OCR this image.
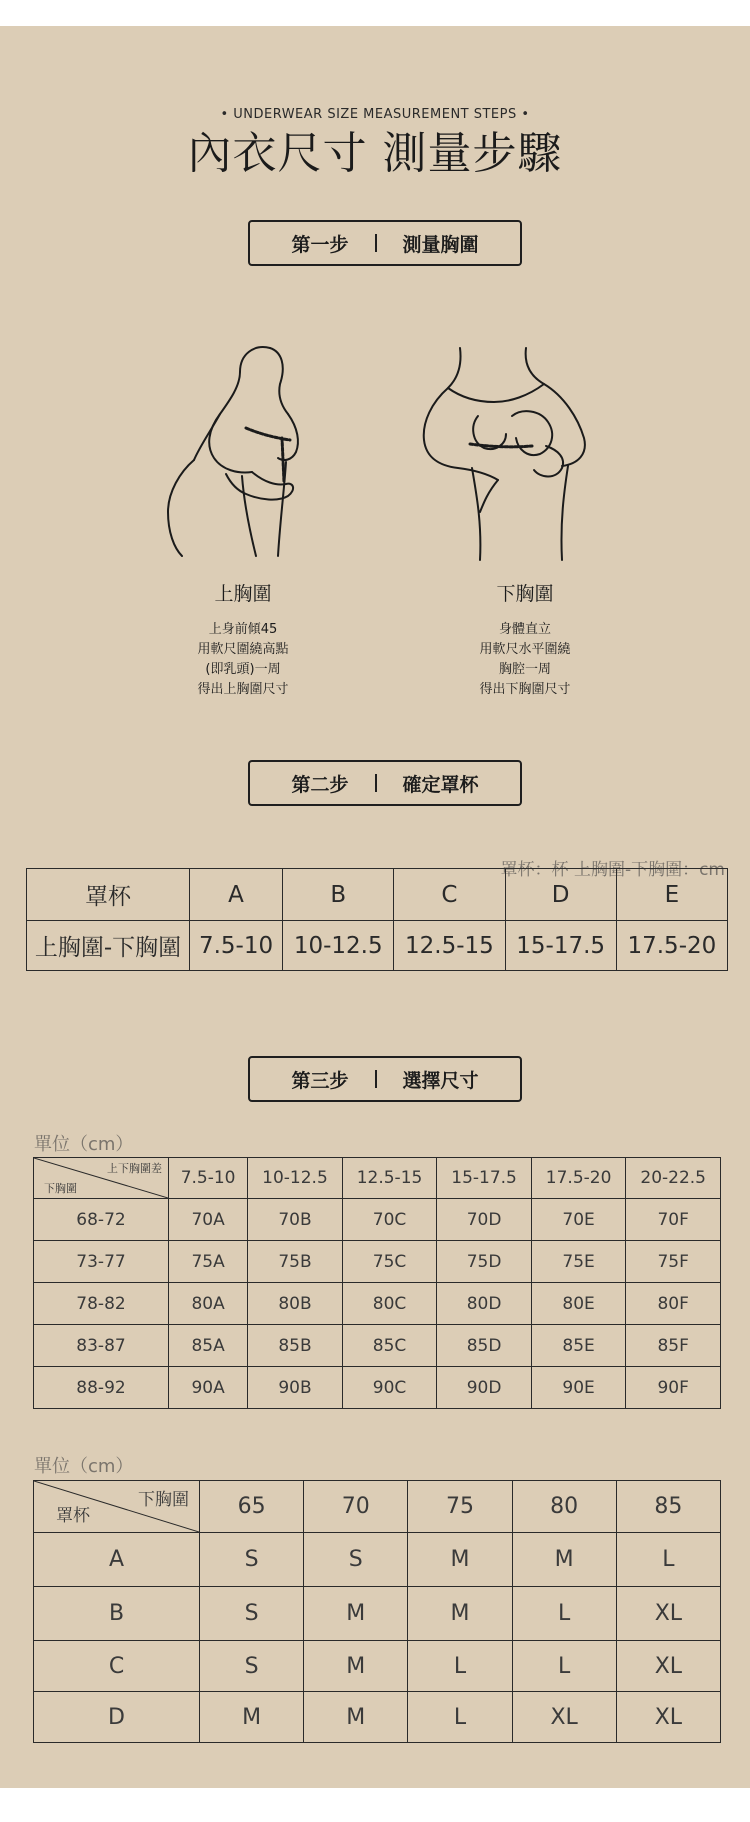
• UNDERWEAR SIZE MEASUREMENT STEPS •
內衣尺寸 測量步驟
第一步	測量胸圍
上胸圍
上身前傾45
用軟尺圍繞高點
(即乳頭)一周
得出上胸圍尺寸
下胸圍
身體直立
用軟尺水平圍繞
胸腔一周
得出下胸圍尺寸
第二步	確定罩杯
罩杯：杯 上胸圍-下胸圍：cm
罩杯	A	B	C	D	E
上胸圍-下胸圍	7.5-10	10-12.5	12.5-15	15-17.5	17.5-20
第三步	選擇尺寸
單位（cm）
上下胸圍差
下胸圍	7.5-10	10-12.5	12.5-15	15-17.5	17.5-20	20-22.5
68-72	70A	70B	70C	70D	70E	70F
73-77	75A	75B	75C	75D	75E	75F
78-82	80A	80B	80C	80D	80E	80F
83-87	85A	85B	85C	85D	85E	85F
88-92	90A	90B	90C	90D	90E	90F
單位（cm）
下胸圍
罩杯	65	70	75	80	85
A	S	S	M	M	L
B	S	M	M	L	XL
C	S	M	L	L	XL
D	M	M	L	XL	XL
